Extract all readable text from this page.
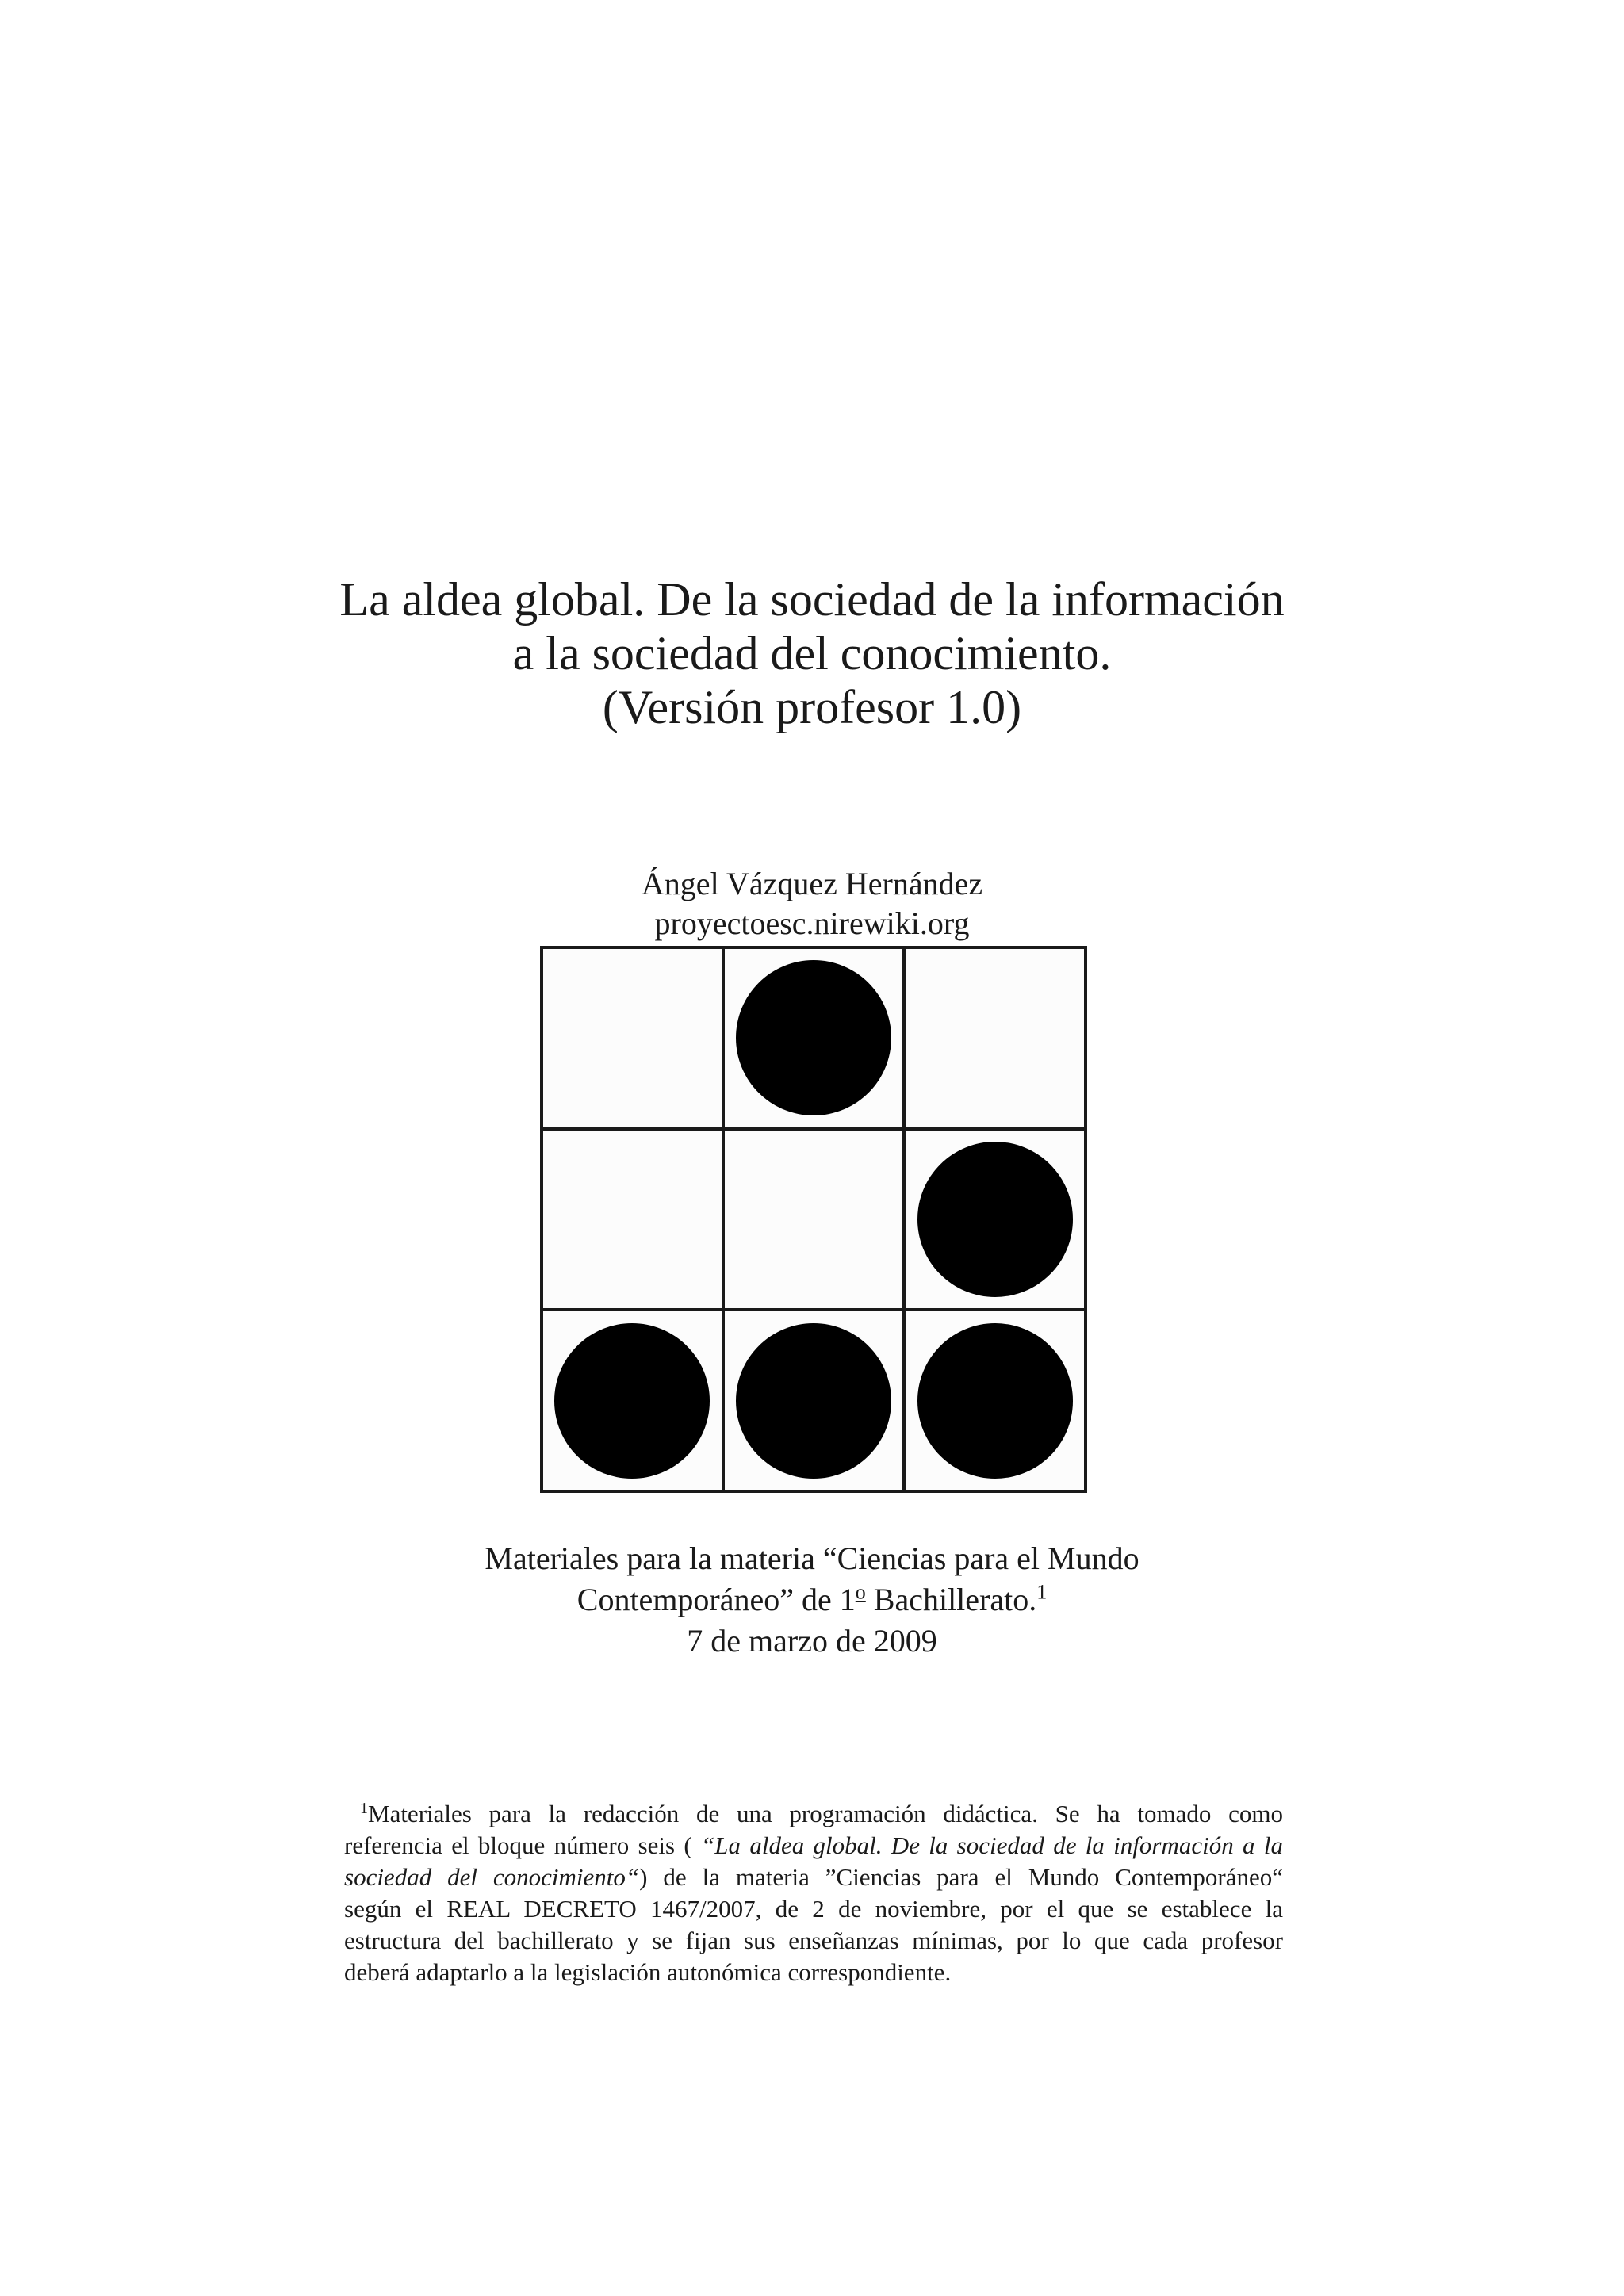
La aldea global. De la sociedad de la información
a la sociedad del conocimiento.
(Versión profesor 1.0)
Ángel Vázquez Hernández
proyectoesc.nirewiki.org
Materiales para la materia “Ciencias para el Mundo
Contemporáneo” de 1$^o$ Bachillerato.$^1$
7 de marzo de 2009
$^1$Materiales para la redacción de una programación didáctica. Se ha tomado como
referencia el bloque número seis ( “La aldea global. De la sociedad de la información a la
sociedad del conocimiento“) de la materia ”Ciencias para el Mundo Contemporáneo“
según el REAL DECRETO 1467/2007, de 2 de noviembre, por el que se establece la
estructura del bachillerato y se fijan sus enseñanzas mínimas, por lo que cada profesor
deberá adaptarlo a la legislación autonómica correspondiente.
